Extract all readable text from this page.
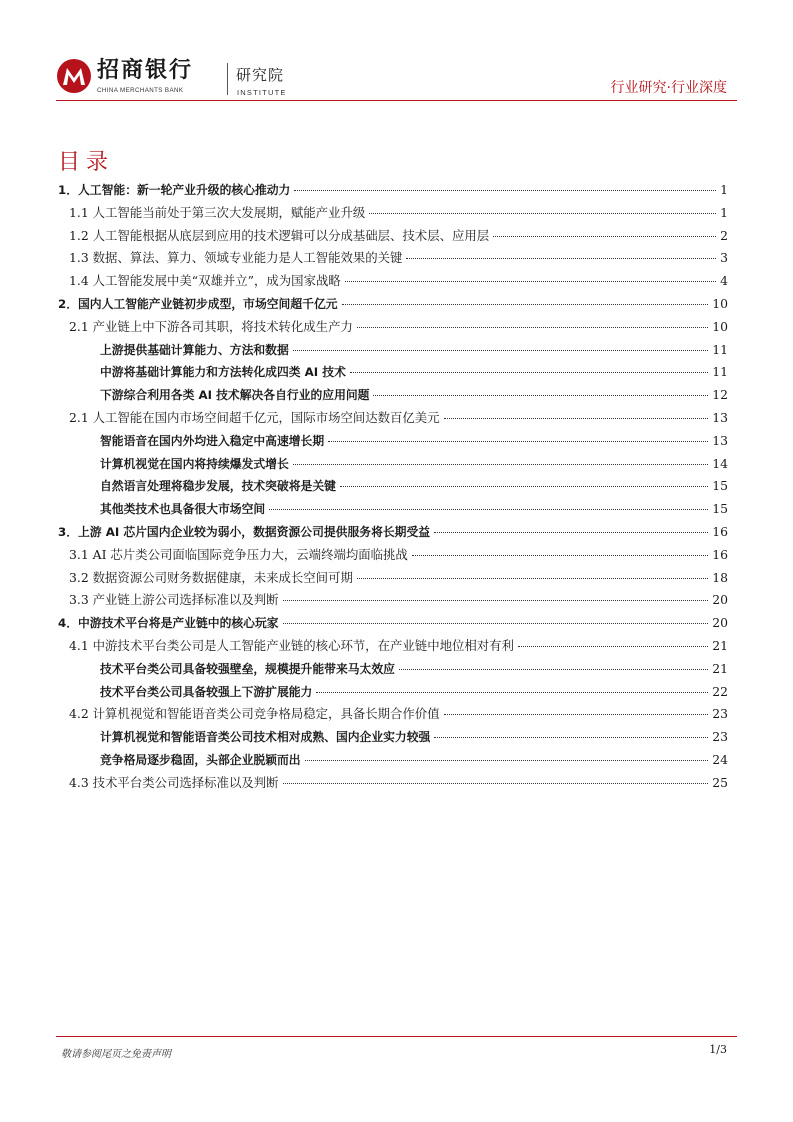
招商银行
CHINA MERCHANTS BANK
研究院
INSTITUTE	行业研究·行业深度
目录
1．人工智能：新一轮产业升级的核心推动力	1
1.1 人工智能当前处于第三次大发展期，赋能产业升级	1
1.2 人工智能根据从底层到应用的技术逻辑可以分成基础层、技术层、应用层	2
1.3 数据、算法、算力、领域专业能力是人工智能效果的关键	3
1.4 人工智能发展中美“双雄并立”，成为国家战略	4
2．国内人工智能产业链初步成型，市场空间超千亿元	10
2.1 产业链上中下游各司其职，将技术转化成生产力	10
上游提供基础计算能力、方法和数据	11
中游将基础计算能力和方法转化成四类 AI 技术	11
下游综合利用各类 AI 技术解决各自行业的应用问题	12
2.1 人工智能在国内市场空间超千亿元，国际市场空间达数百亿美元	13
智能语音在国内外均进入稳定中高速增长期	13
计算机视觉在国内将持续爆发式增长	14
自然语言处理将稳步发展，技术突破将是关键	15
其他类技术也具备很大市场空间	15
3．上游 AI 芯片国内企业较为弱小，数据资源公司提供服务将长期受益	16
3.1 AI 芯片类公司面临国际竞争压力大，云端终端均面临挑战	16
3.2 数据资源公司财务数据健康，未来成长空间可期	18
3.3 产业链上游公司选择标准以及判断	20
4．中游技术平台将是产业链中的核心玩家	20
4.1 中游技术平台类公司是人工智能产业链的核心环节，在产业链中地位相对有利	21
技术平台类公司具备较强壁垒，规模提升能带来马太效应	21
技术平台类公司具备较强上下游扩展能力	22
4.2 计算机视觉和智能语音类公司竞争格局稳定，具备长期合作价值	23
计算机视觉和智能语音类公司技术相对成熟、国内企业实力较强	23
竞争格局逐步稳固，头部企业脱颖而出	24
4.3 技术平台类公司选择标准以及判断	25
敬请参阅尾页之免责声明	1/3
